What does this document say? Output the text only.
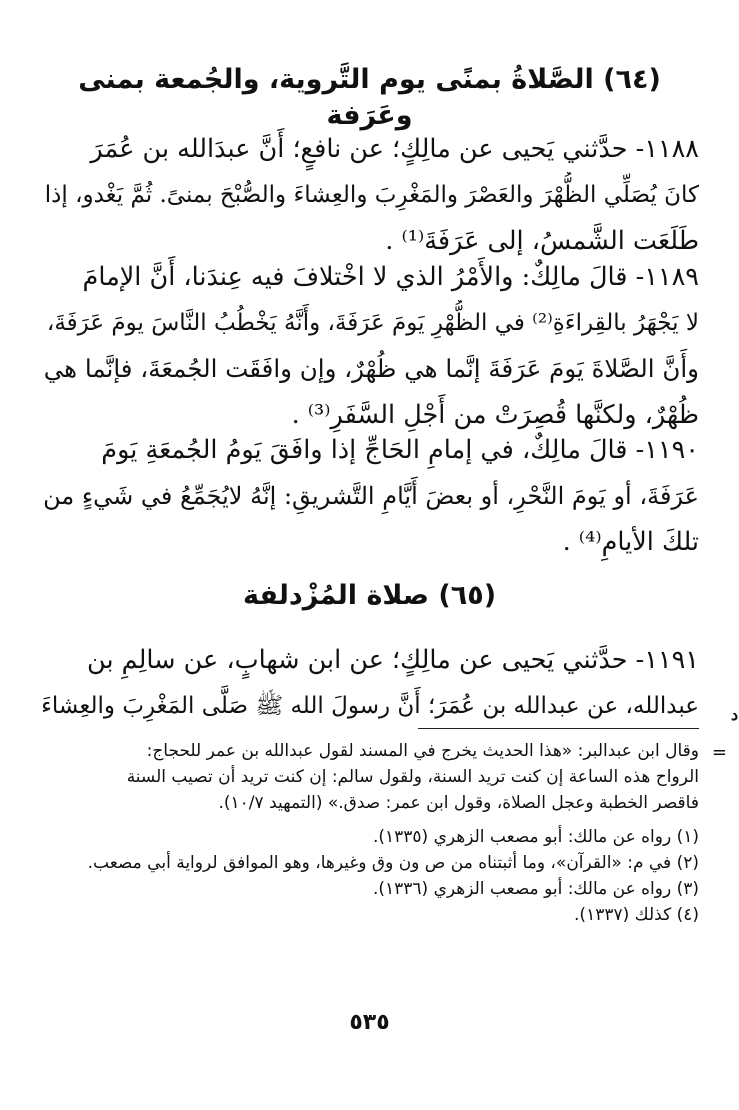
(٦٤) الصَّلاةُ بمنًى يوم التَّروية، والجُمعة بمنى وعَرَفة
١١٨٨- حدَّثني يَحيى عن مالِكٍ؛ عن نافعٍ؛ أَنَّ عبدَالله بن عُمَرَ
كانَ يُصَلِّي الظُّهْرَ والعَصْرَ والمَغْرِبَ والعِشاءَ والصُّبْحَ بمنىً. ثُمَّ يَغْدو، إذا
طَلَعَت الشَّمسُ، إلى عَرَفَةَ⁽¹⁾ .
١١٨٩- قالَ مالِكٌ: والأَمْرُ الذي لا اخْتلافَ فيه عِندَنا، أَنَّ الإمامَ
لا يَجْهَرُ بالقِراءَةِ⁽²⁾ في الظُّهْرِ يَومَ عَرَفَةَ، وأَنَّهُ يَخْطُبُ النَّاسَ يومَ عَرَفَةَ،
وأَنَّ الصَّلاةَ يَومَ عَرَفَةَ إنَّما هي ظُهْرٌ، وإن وافَقَت الجُمعَةَ، فإنَّما هي
ظُهْرٌ، ولكنَّها قُصِرَتْ من أَجْلِ السَّفَرِ⁽³⁾ .
١١٩٠- قالَ مالِكٌ، في إمامِ الحَاجِّ إذا وافَقَ يَومُ الجُمعَةِ يَومَ
عَرَفَةَ، أو يَومَ النَّحْرِ، أو بعضَ أَيَّامِ التَّشريقِ: إنَّهُ لايُجَمِّعُ في شَيءٍ من
تلكَ الأيامِ⁽⁴⁾ .
(٦٥) صلاة المُزْدلفة
١١٩١- حدَّثني يَحيى عن مالِكٍ؛ عن ابن شهابٍ، عن سالِمِ بن
عبدالله، عن عبدالله بن عُمَرَ؛ أَنَّ رسولَ الله ﷺ صَلَّى المَغْرِبَ والعِشاءَ د
=
وقال ابن عبدالبر: «هذا الحديث يخرج في المسند لقول عبدالله بن عمر للحجاج:
الرواح هذه الساعة إن كنت تريد السنة، ولقول سالم: إن كنت تريد أن تصيب السنة
فاقصر الخطبة وعجل الصلاة، وقول ابن عمر: صدق.» (التمهيد ١٠/٧).
(١) رواه عن مالك: أبو مصعب الزهري (١٣٣٥).
(٢) في م: «القرآن»، وما أثبتناه من ص ون وق وغيرها، وهو الموافق لرواية أبي مصعب.
(٣) رواه عن مالك: أبو مصعب الزهري (١٣٣٦).
(٤) كذلك (١٣٣٧).
٥٣٥
